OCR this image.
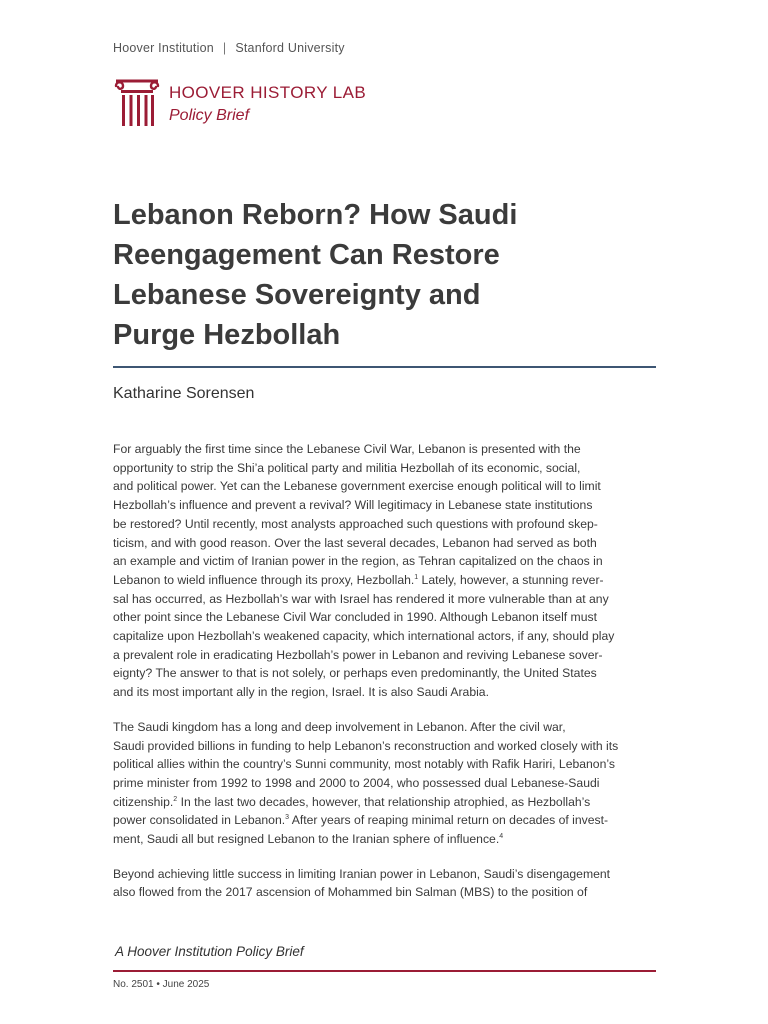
Hoover Institution | Stanford University
HOOVER HISTORY LAB
Policy Brief
Lebanon Reborn? How Saudi
Reengagement Can Restore
Lebanese Sovereignty and
Purge Hezbollah
Katharine Sorensen

For arguably the first time since the Lebanese Civil War, Lebanon is presented with the
opportunity to strip the Shi’a political party and militia Hezbollah of its economic, social,
and political power. Yet can the Lebanese government exercise enough political will to limit
Hezbollah’s influence and prevent a revival? Will legitimacy in Lebanese state institutions
be restored? Until recently, most analysts approached such questions with profound skep-
ticism, and with good reason. Over the last several decades, Lebanon had served as both
an example and victim of Iranian power in the region, as Tehran capitalized on the chaos in
Lebanon to wield influence through its proxy, Hezbollah.$^1$ Lately, however, a stunning rever-
sal has occurred, as Hezbollah’s war with Israel has rendered it more vulnerable than at any
other point since the Lebanese Civil War concluded in 1990. Although Lebanon itself must
capitalize upon Hezbollah’s weakened capacity, which international actors, if any, should play
a prevalent role in eradicating Hezbollah’s power in Lebanon and reviving Lebanese sover-
eignty? The answer to that is not solely, or perhaps even predominantly, the United States
and its most important ally in the region, Israel. It is also Saudi Arabia.

The Saudi kingdom has a long and deep involvement in Lebanon. After the civil war,
Saudi provided billions in funding to help Lebanon’s reconstruction and worked closely with its
political allies within the country’s Sunni community, most notably with Rafik Hariri, Lebanon’s
prime minister from 1992 to 1998 and 2000 to 2004, who possessed dual Lebanese-Saudi
citizenship.$^2$ In the last two decades, however, that relationship atrophied, as Hezbollah’s
power consolidated in Lebanon.$^3$ After years of reaping minimal return on decades of invest-
ment, Saudi all but resigned Lebanon to the Iranian sphere of influence.$^4$

Beyond achieving little success in limiting Iranian power in Lebanon, Saudi’s disengagement
also flowed from the 2017 ascension of Mohammed bin Salman (MBS) to the position of

A Hoover Institution Policy Brief
No. 2501 • June 2025
